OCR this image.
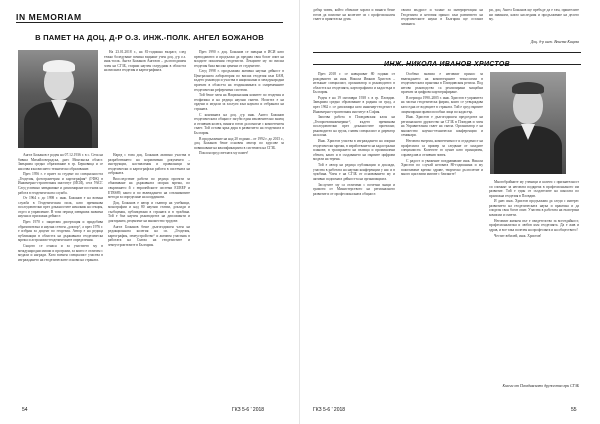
IN MEMORIAM
В ПАМЕТ НА ДОЦ. Д-Р О.З. ИНЖ.-ПОЛК. АНГЕЛ БОЖАНОВ

На 23.01.2018 г., на 81-годишна възраст, след тежко боледуване почина видният учен доц. д-р о.з. инж.-полк. Ангел Божанов Ангелов – дългогодишен член на СГЗБ, старши научен сътрудник в областта на висшата геодезия и картографията.

Ангел Божанов е роден на 07.12.1936 г. в с. Сеча на бивша Михайловградска, днес Монтанска област. Завършва средно образование в гр. Берковица и се насочва към висшето техническо образование.

През 1956 г. е приет за студент по специалността „Геодезия, фотограметрия и картография“ (ГФК) в Инженерно-строителния институт (ИСИ), сега УАСГ. След успешно завършване и дипломиране постъпва на работа в геодезическата служба.

От 1964 г. до 1998 г. инж. Божанов е на военна служба в Геодезическия полк, като преминава последователно през длъжностите началник на секция, отдел и управление. В този период извършва значима научна и приложна дейност.

През 1970 г. защитава дисертация и придобива образователна и научна степен „доктор“, а през 1976 г. е избран за доцент по геодезия. Автор е на редица публикации в областта на държавната геодезическа мрежа и астрономо-геодезическите определения.

Същото се отнася и за участието му в международни мисии и програми, за които е отличен с медали и награди. Като военен специалист участва в изграждането на геодезическите основи на страната.

Наред с това доц. Божанов активно участва в разработването на нормативни документи – инструкции, наставления и правилници за геодезически и картографски работи в системата на отбраната.

Впоследствие работи по редица проекти за обновяване на държавната опорна мрежа, по свързването й с европейските системи EUREF и ETRS89, както и по въвеждането на спътниковите методи за определяне на координати.

Доц. Божанов е автор и съавтор на учебници, монографии и над 80 научни статии, доклади и съобщения, публикувани в страната и в чужбина. Той е бил научен ръководител на дипломанти и докторанти, рецензент на множество трудове.

Ангел Божанов беше дългогодишен член на редакционната колегия на сп. „Геодезия, картография, земеустройство“ и активен участник в работата на Съюза на геодезистите и земеустроителите в България.

През 1990 г. доц. Божанов се завърна в ИСИ като преподавател и продължи да предава своя богат опит на младите поколения геодезисти. Лекциите му по висша геодезия бяха високо ценени от студентите.

След 1998 г. продължава активна научна дейност в Централната лаборатория по висша геодезия към БАН, където ръководи и участва в национални и международни проекти в областта на геодинамиката и съвременните геодезически референтни системи.

Той беше член на Националния комитет по геодезия и геофизика и на редица научни съвети. Носител е на ордени и медали за заслуги към науката и отбраната на страната.

С кончината на доц. д-р инж. Ангел Божанов геодезическата общност загуби един изключително знаещ и отзивчив колега, винаги готов да помогне с компетентен съвет. Той остави ярка диря в развитието на геодезията в България.

В продължение на над 20 години – от 1992 г. до 2015 г., доц. Божанов беше основен лектор по курсове за повишаване на квалификацията в системата на СГЗБ.

Поклон пред светлата му памет!

54	ГКЗ 5-6 ' 2018
добър човек, който обичаше хората и винаги беше готов да помогне на колегите си с професионален съвет и приятелска дума.
своята мъдрост и талант за интерпретация на Геодезията и неговия принос към развитието на геодезическите науки в България ще останат завинаги.
ри, доц. Ангел Божанов ще пребъде да е там, приятелите ни завинаги, както наследник и продължение на делото му.
Доц. д-р инж. Венета Кацева
ИНЖ. НИКОЛА ИВАНОВ ХРИСТОВ

През 2018 г. се навършват 80 години от рождението на инж. Никола Иванов Христов – изтъкнат специалист, организатор и ръководител в областта на геодезията, картографията и кадастъра в България.

Роден е на 19 октомври 1938 г. в гр. Пловдив. Завършва средно образование в родния си град, а през 1962 г. се дипломира като инженер-геодезист в Инженерно-строителния институт в София.

Започва работа в Пловдивския клон на „Геопроектинженеринг“, където преминава последователно през длъжностите проектант, ръководител на група, главен специалист и директор на клона.

Инж. Христов участва в изграждането на опорни геодезически мрежи, в изработването на кадастрални планове, в трасирането на пътища и промишлени обекти, както и в създаването на първите цифрови модели на терена.

Той е автор на редица публикации и доклади, участва в работата на научни конференции у нас и в чужбина. Член е на СГЗБ от основаването му и активно подпомага дейността на организацията.

Заслугите му са отличени с почетни знаци и грамоти от Министерството на регионалното развитие и от професионалната общност.

Особено значим е неговият принос за въвеждането на компютърните технологии в геодезическата практика в Пловдивския регион. Под негово ръководство са реализирани мащабни проекти за цифрово картографиране.

В периода 1990–2005 г. инж. Христов е управител на частна геодезическа фирма, която се утвърждава като една от водещите в страната. Той е сред първите лицензирани правоспособни лица по кадастър.

Инж. Христов е дългогодишен председател на регионалното дружество на СГЗБ в Пловдив и член на Управителния съвет на съюза. Организатор е на множество научно-технически конференции и семинари.

Неговата енергия, компетентност и отдаденост на професията са пример за следване от младите специалисти. Колегите го ценят като принципен, справедлив и отзивчив човек.

С радост и уважение поздравяваме инж. Никола Христов по случай неговата 80-годишнина и му пожелаваме крепко здраве, творческо дълголетие и много щастливи мигове с близките!

Многобройните му ученици и колеги с признателност си спомнят за неговата подкрепа в професионалното им развитие. Той е един от създателите на школата по приложна геодезия в Пловдив.

И днес инж. Христов продължава да следи с интерес развитието на геодезическата наука и практика и да споделя своя богат опит. Участва в работата на експертни комисии и съвети.

Неговият жизнен път е свидетелство за всеотдайност, професионализъм и любов към геодезията. Да е жив и здрав, и все така полезен на професията и на обществото!

Честит юбилей, инж. Христов!

Колеги от Пловдивското дружество при СГЗБ
ГКЗ 5-6 ' 2018	55
